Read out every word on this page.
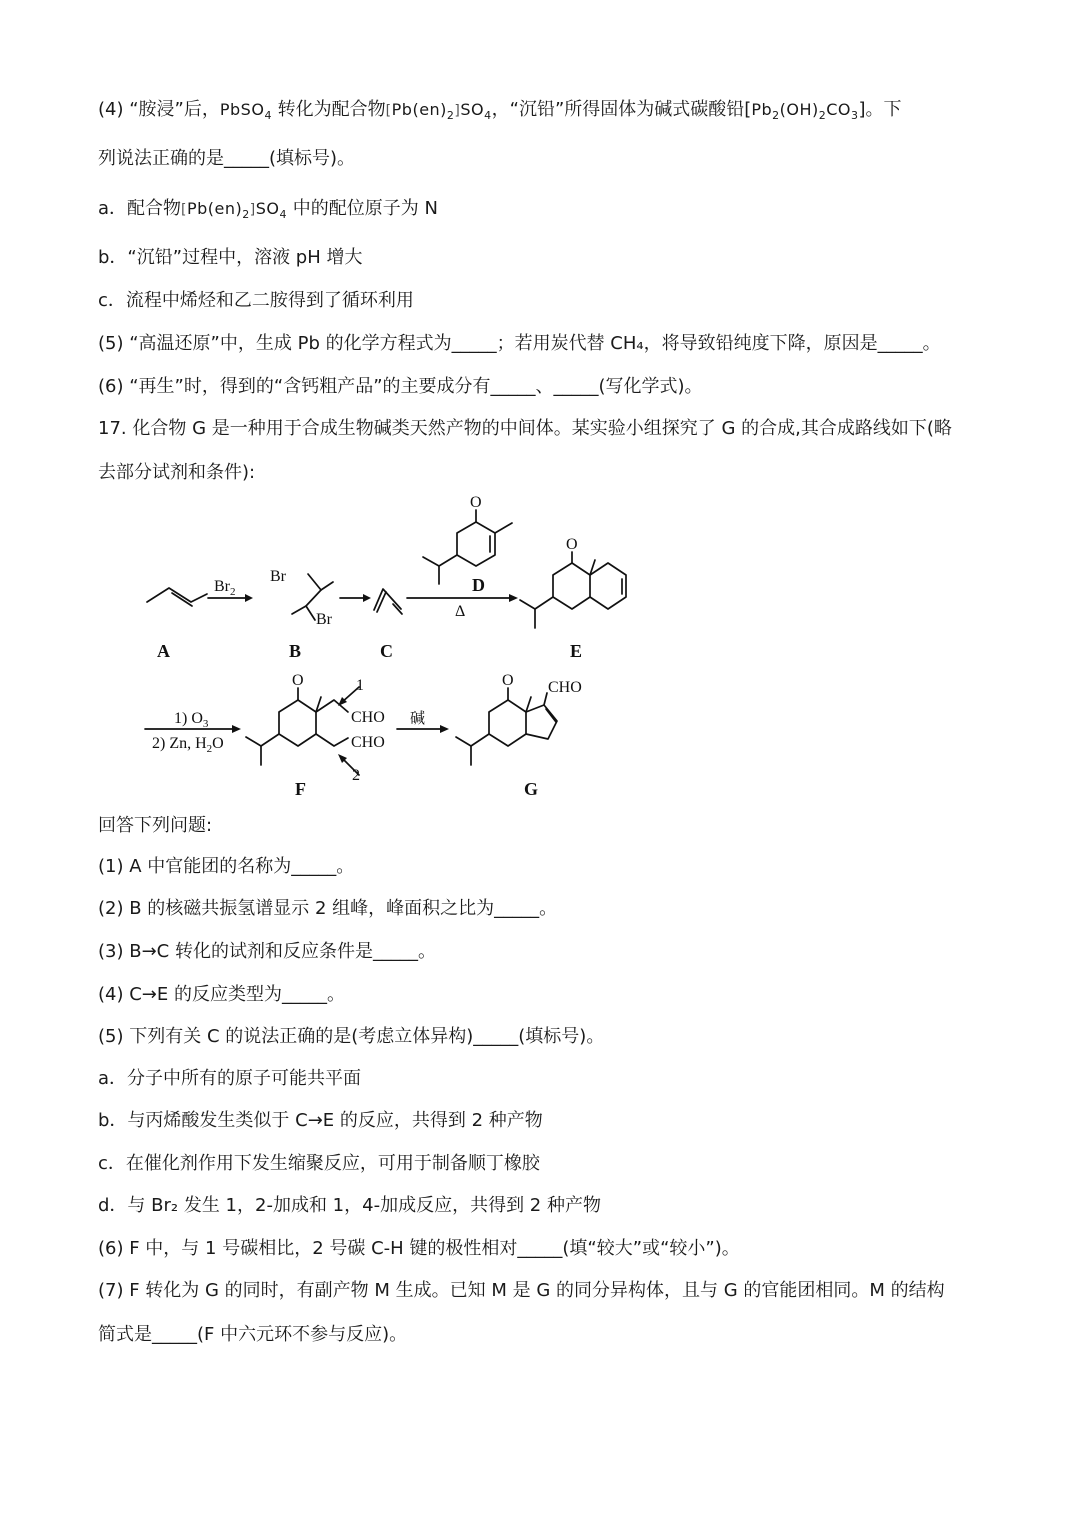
(4) “胺浸”后，PbSO$_4$ 转化为配合物$[Pb(en)_2]SO_4$，“沉铅”所得固体为碱式碳酸铅$[Pb_2(OH)_2CO_3]$。下
列说法正确的是_____(填标号)。
a．配合物$[Pb(en)_2]SO_4$ 中的配位原子为 N
b．“沉铅”过程中，溶液 pH 增大
c．流程中烯烃和乙二胺得到了循环利用
(5) “高温还原”中，生成 Pb 的化学方程式为_____；若用炭代替 CH₄，将导致铅纯度下降，原因是_____。
(6) “再生”时，得到的“含钙粗产品”的主要成分有_____、_____(写化学式)。
17. 化合物 G 是一种用于合成生物碱类天然产物的中间体。某实验小组探究了 G 的合成,其合成路线如下(略
去部分试剂和条件):
A
$Br_2$
Br
Br
B	C
O
D
Δ
O
E
1) $O_3$
2) Zn, $H_2O$
O
CHO
CHO
1
2
F
碱
O CHO
G
回答下列问题:
(1) A 中官能团的名称为_____。
(2) B 的核磁共振氢谱显示 2 组峰，峰面积之比为_____。
(3) B→C 转化的试剂和反应条件是_____。
(4) C→E 的反应类型为_____。
(5) 下列有关 C 的说法正确的是(考虑立体异构)_____(填标号)。
a．分子中所有的原子可能共平面
b．与丙烯酸发生类似于 C→E 的反应，共得到 2 种产物
c．在催化剂作用下发生缩聚反应，可用于制备顺丁橡胶
d．与 Br₂ 发生 1，2-加成和 1，4-加成反应，共得到 2 种产物
(6) F 中，与 1 号碳相比，2 号碳 C-H 键的极性相对_____(填“较大”或“较小”)。
(7) F 转化为 G 的同时，有副产物 M 生成。已知 M 是 G 的同分异构体，且与 G 的官能团相同。M 的结构
简式是_____(F 中六元环不参与反应)。
